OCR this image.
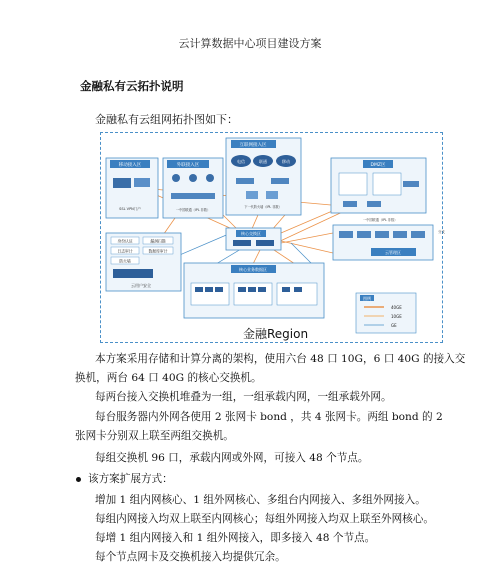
云计算数据中心项目建设方案
金融私有云拓扑说明
金融私有云组网拓扑图如下：
移动接入区
SSL VPN门户
外联接入区
一中国联通（IPL 非数）
互联网接入区
电信	联通	移动
下一代防火墙（IPL 非数）
DMZ区
核心交换区
身份认证	漏洞扫描
日志审计	数据库审计
防火墙
云用户安全
核心业务数据区
云管理区
分支
一中国联通（IPL 非数）
金融Region
图例
40GE
10GE
GE
本方案采用存储和计算分离的架构，使用六台 48 口 10G，6 口 40G 的接入交
换机，两台 64 口 40G 的核心交换机。
每两台接入交换机堆叠为一组，一组承载内网，一组承载外网。
每台服务器内外网各使用 2 张网卡 bond ，共 4 张网卡。两组 bond 的 2
张网卡分别双上联至两组交换机。
每组交换机 96 口，承载内网或外网，可接入 48 个节点。
该方案扩展方式：
增加 1 组内网核心、1 组外网核心、多组台内网接入、多组外网接入。
每组内网接入均双上联至内网核心；每组外网接入均双上联至外网核心。
每增 1 组内网接入和 1 组外网接入，即多接入 48 个节点。
每个节点网卡及交换机接入均提供冗余。
